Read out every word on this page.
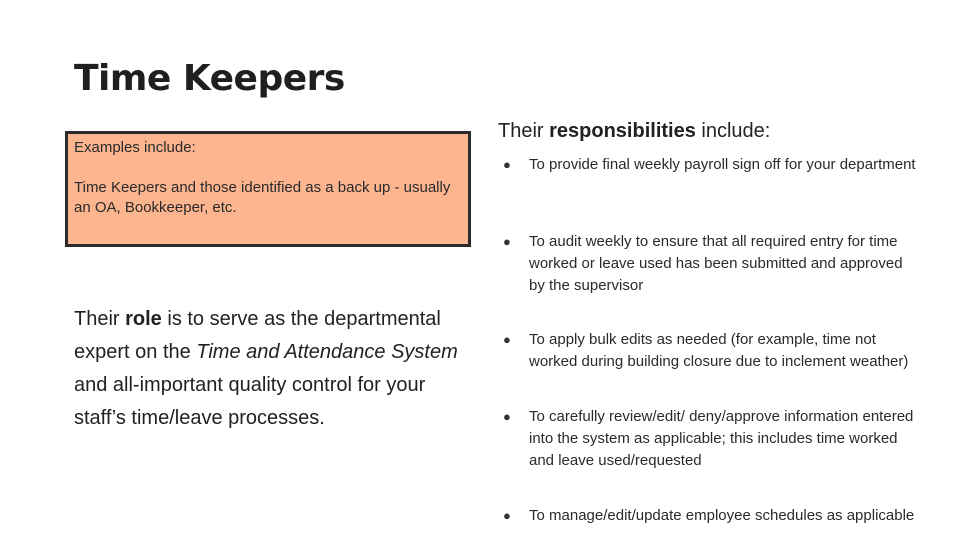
Time Keepers
Examples include:
Time Keepers and those identified as a back up - usually an OA, Bookkeeper, etc.
Their role is to serve as the departmental expert on the Time and Attendance System and all-important quality control for your staff’s time/leave processes.
Their responsibilities include:
●	To provide final weekly payroll sign off for your department
●	To audit weekly to ensure that all required entry for time worked or leave used has been submitted and approved by the supervisor
●	To apply bulk edits as needed (for example, time not worked during building closure due to inclement weather)
●	To carefully review/edit/ deny/approve information entered into the system as applicable; this includes time worked and leave used/requested
●	To manage/edit/update employee schedules as applicable
